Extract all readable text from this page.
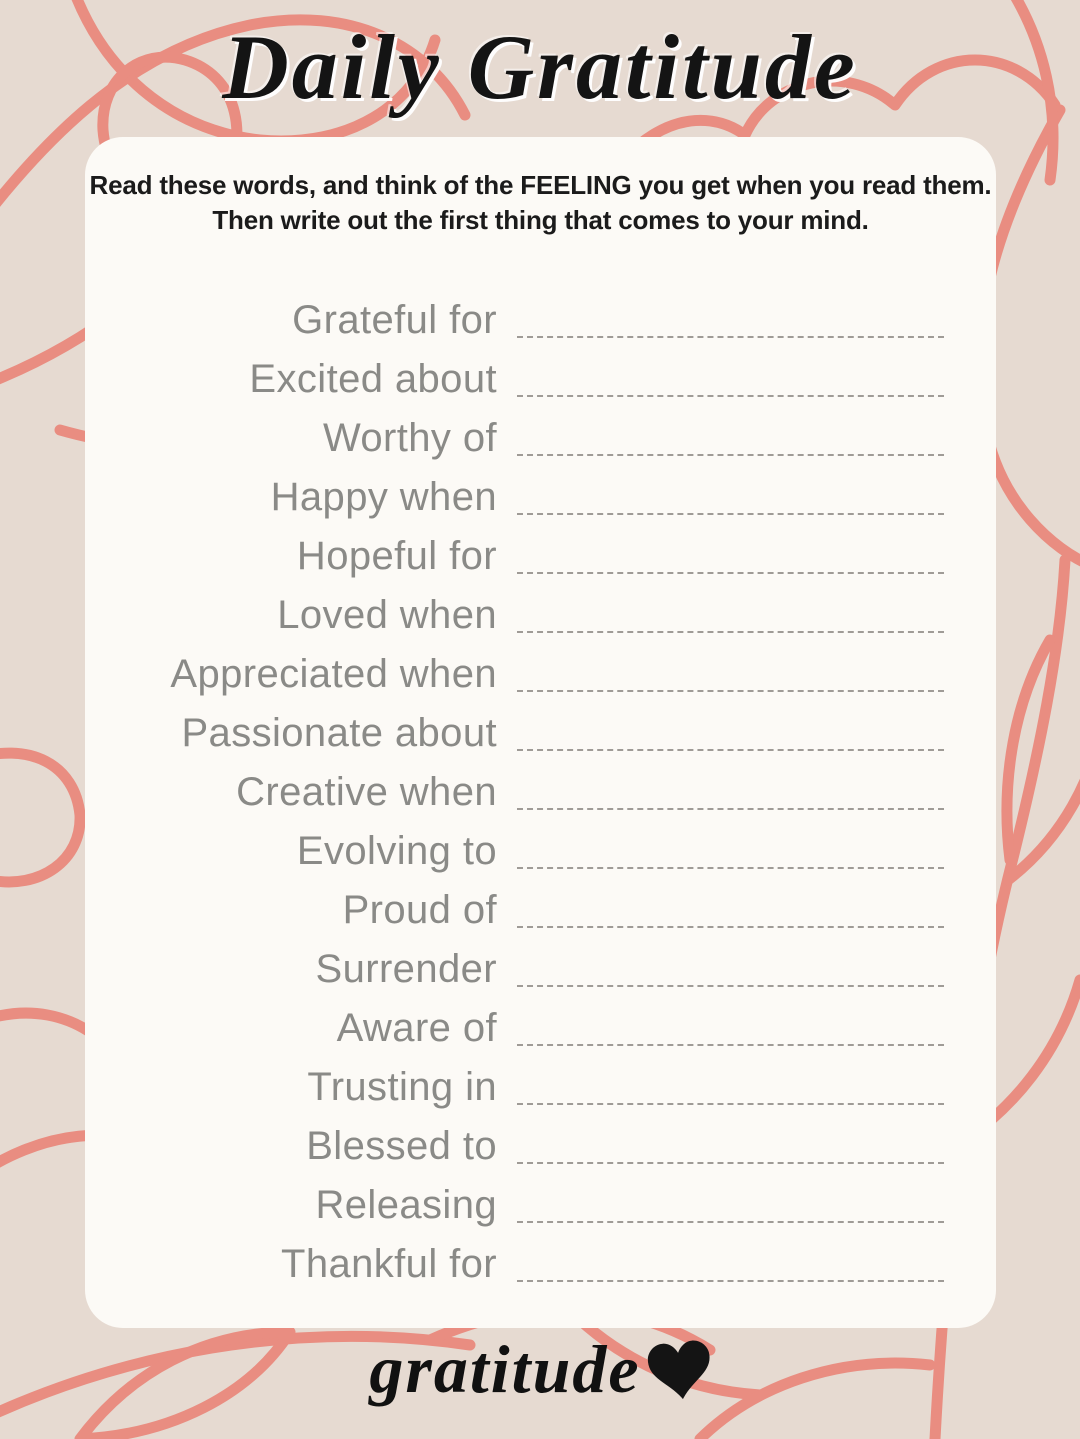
Daily Gratitude

Read these words, and think of the FEELING you get when you read them.
Then write out the first thing that comes to your mind.

Grateful for
Excited about
Worthy of
Happy when
Hopeful for
Loved when
Appreciated when
Passionate about
Creative when
Evolving to
Proud of
Surrender
Aware of
Trusting in
Blessed to
Releasing
Thankful for
gratitude
